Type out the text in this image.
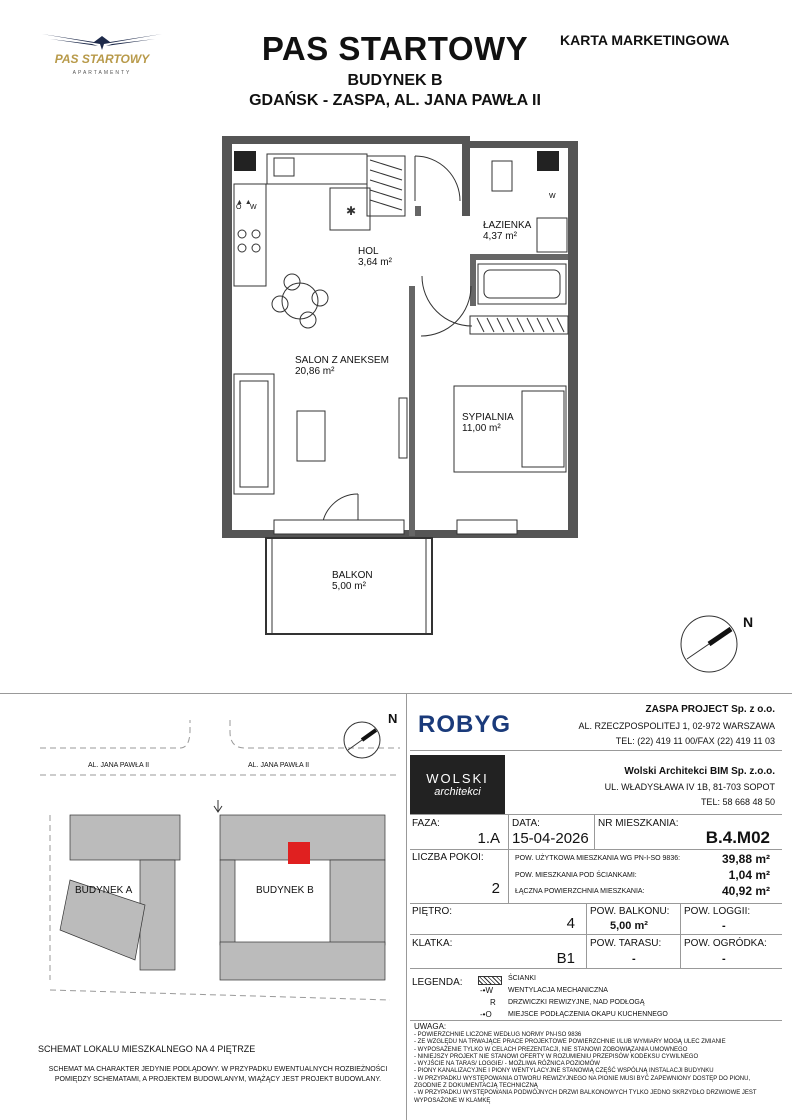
PAS STARTOWY
APARTAMENTY
PAS STARTOWY
BUDYNEK B
GDAŃSK - ZASPA, AL. JANA PAWŁA II
KARTA MARKETINGOWA
✱
W
▲ ▲
O W
HOL
3,64 m²
ŁAZIENKA
4,37 m²
SALON Z ANEKSEM
20,86 m²
SYPIALNIA
11,00 m²
BALKON
5,00 m²
N
AL. JANA PAWŁA II	AL. JANA PAWŁA II
BUDYNEK A	BUDYNEK B
N
SCHEMAT LOKALU MIESZKALNEGO NA 4 PIĘTRZE
SCHEMAT MA CHARAKTER JEDYNIE PODLĄDOWY. W PRZYPADKU EWENTUALNYCH ROZBIEŻNOŚCI
POMIĘDZY SCHEMATAMI, A PROJEKTEM BUDOWLANYM, WIĄŻĄCY JEST PROJEKT BUDOWLANY.
ROBYG
ZASPA PROJECT Sp. z o.o.
AL. RZECZPOSPOLITEJ 1, 02-972 WARSZAWA
TEL: (22) 419 11 00/FAX (22) 419 11 03
WOLSKI
architekci
Wolski Architekci BIM Sp. z.o.o.
UL. WŁADYSŁAWA IV 1B, 81-703 SOPOT
TEL: 58 668 48 50
FAZA:
1.A
DATA:
15-04-2026
NR MIESZKANIA:
B.4.M02
LICZBA POKOI:
2
POW. UŻYTKOWA MIESZKANIA WG PN-I-SO 9836:	39,88 m²
POW. MIESZKANIA POD ŚCIANKAMI:	1,04 m²
ŁĄCZNA POWIERZCHNIA MIESZKANIA:	40,92 m²
PIĘTRO:
4
POW. BALKONU:
5,00 m²
POW. LOGGII:
-
KLATKA:
B1
POW. TARASU:
-
POW. OGRÓDKA:
-
LEGENDA:	ŚCIANKI
-•W WENTYLACJA MECHANICZNA
R DRZWICZKI REWIZYJNE, NAD PODŁOGĄ
-•O MIEJSCE PODŁĄCZENIA OKAPU KUCHENNEGO
UWAGA:
- POWIERZCHNIE LICZONE WEDŁUG NORMY PN-ISO 9836
- ZE WZGLĘDU NA TRWAJĄCE PRACE PROJEKTOWE POWIERZCHNIE I/LUB WYMIARY MOGĄ ULEC ZMIANIE
- WYPOSAŻENIE TYLKO W CELACH PREZENTACJI, NIE STANOWI ZOBOWIĄZANIA UMOWNEGO
- NINIEJSZY PROJEKT NIE STANOWI OFERTY W ROZUMIENIU PRZEPISÓW KODEKSU CYWILNEGO
- WYJŚCIE NA TARAS/ LOGGIE/ - MOŻLIWA RÓŻNICA POZIOMÓW
- PIONY KANALIZACYJNE I PIONY WENTYLACYJNE STANOWIĄ CZĘŚĆ WSPÓLNĄ INSTALACJI BUDYNKU
- W PRZYPADKU WYSTĘPOWANIA OTWORU REWIZYJNEGO NA PIONIE MUSI BYĆ ZAPEWNIONY DOSTĘP DO PIONU,
ZGODNIE Z DOKUMENTACJĄ TECHNICZNĄ
- W PRZYPADKU WYSTĘPOWANIA PODWÓJNYCH DRZWI BALKONOWYCH TYLKO JEDNO SKRZYDŁO DRZWIOWE JEST
WYPOSAŻONE W KLAMKĘ
